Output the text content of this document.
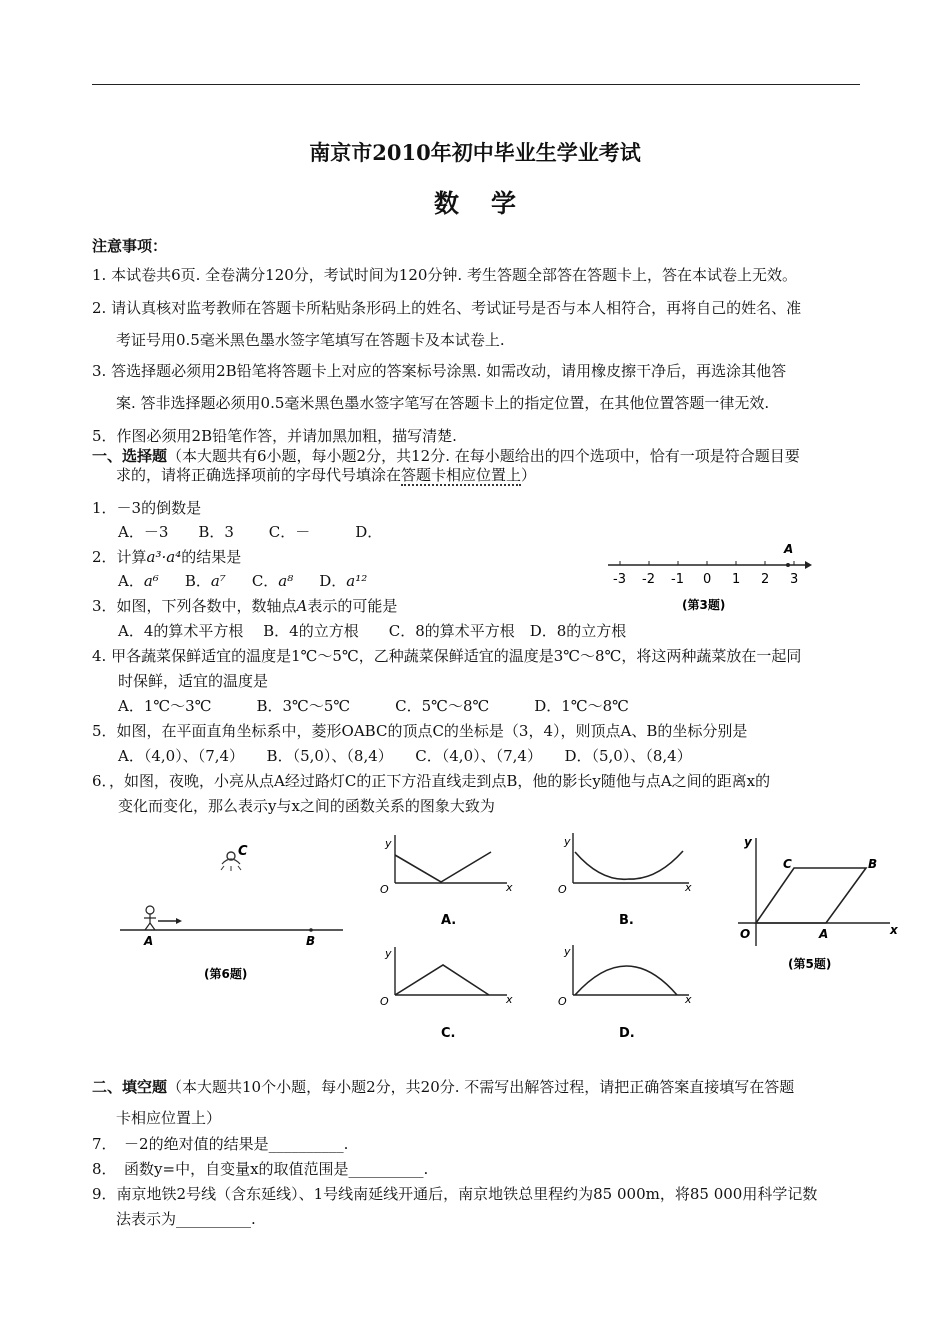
南京市2010年初中毕业生学业考试
数学
注意事项：
1. 本试卷共6页. 全卷满分120分，考试时间为120分钟. 考生答题全部答在答题卡上，答在本试卷上无效。
2. 请认真核对监考教师在答题卡所粘贴条形码上的姓名、考试证号是否与本人相符合，再将自己的姓名、准
考证号用0.5毫米黑色墨水签字笔填写在答题卡及本试卷上.
3. 答选择题必须用2B铅笔将答题卡上对应的答案标号涂黑. 如需改动，请用橡皮擦干净后，再选涂其他答
案. 答非选择题必须用0.5毫米黑色墨水签字笔写在答题卡上的指定位置，在其他位置答题一律无效.
5．作图必须用2B铅笔作答，并请加黑加粗，描写清楚.
一、选择题（本大题共有6小题，每小题2分，共12分. 在每小题给出的四个选项中，恰有一项是符合题目要
求的，请将正确选择项前的字母代号填涂在答题卡相应位置上）
1．－3的倒数是
A．－3　　B．3　　 C．－　　　D．
2．计算a³·a⁴的结果是
A．a⁶ B．a⁷ C．a⁸ D．a¹²
3．如图，下列各数中，数轴点A表示的可能是
A．4的算术平方根　 B．4的立方根　　C．8的算术平方根　D．8的立方根
4. 甲各蔬菜保鲜适宜的温度是1℃～5℃，乙种蔬菜保鲜适宜的温度是3℃～8℃，将这两种蔬菜放在一起同
时保鲜，适宜的温度是
A．1℃～3℃　　　B．3℃～5℃　　　C．5℃～8℃　　　D．1℃～8℃
5．如图，在平面直角坐标系中，菱形OABC的顶点C的坐标是（3，4），则顶点A、B的坐标分别是
A．（4,0）、（7,4）　　B．（5,0）、（8,4）　　C．（4,0）、（7,4）　　D．（5,0）、（8,4）
6．，如图，夜晚，小亮从点A经过路灯C的正下方沿直线走到点B，他的影长y随他与点A之间的距离x的
变化而变化，那么表示y与x之间的函数关系的图象大致为
-3 -2 -1 0 1 2 3
A
(第3题)
C
A	B
(第6题)
y
x
O
A.
y
x
O
B.
y
x
O
C.
y
x
O
D.
y
x
O	A
B
C
(第5题)
二、填空题（本大题共10个小题，每小题2分，共20分. 不需写出解答过程，请把正确答案直接填写在答题
卡相应位置上）
7．　－2的绝对值的结果是__________.
8．　函数y=中，自变量x的取值范围是__________.
9．南京地铁2号线（含东延线）、1号线南延线开通后，南京地铁总里程约为85 000m，将85 000用科学记数
法表示为__________.
